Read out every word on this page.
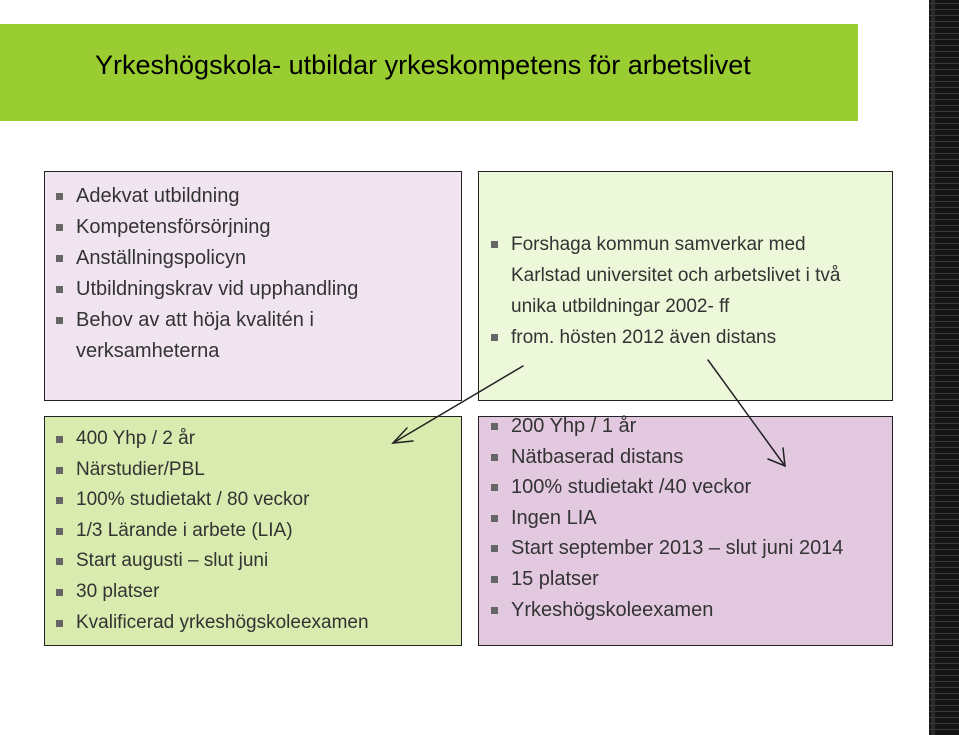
Yrkeshögskola- utbildar yrkeskompetens för arbetslivet
Adekvat utbildning
Kompetensförsörjning
Anställningspolicyn
Utbildningskrav vid upphandling
Behov av att höja kvalitén i verksamheterna
Forshaga kommun samverkar med Karlstad universitet och arbetslivet i två unika utbildningar 2002- ff
from. hösten 2012 även distans
400 Yhp / 2 år
Närstudier/PBL
100% studietakt / 80 veckor
1/3 Lärande i arbete (LIA)
Start augusti – slut juni
30 platser
Kvalificerad yrkeshögskoleexamen
200 Yhp / 1 år
Nätbaserad distans
100% studietakt /40 veckor
Ingen LIA
Start september 2013 – slut juni 2014
15 platser
Yrkeshögskoleexamen
